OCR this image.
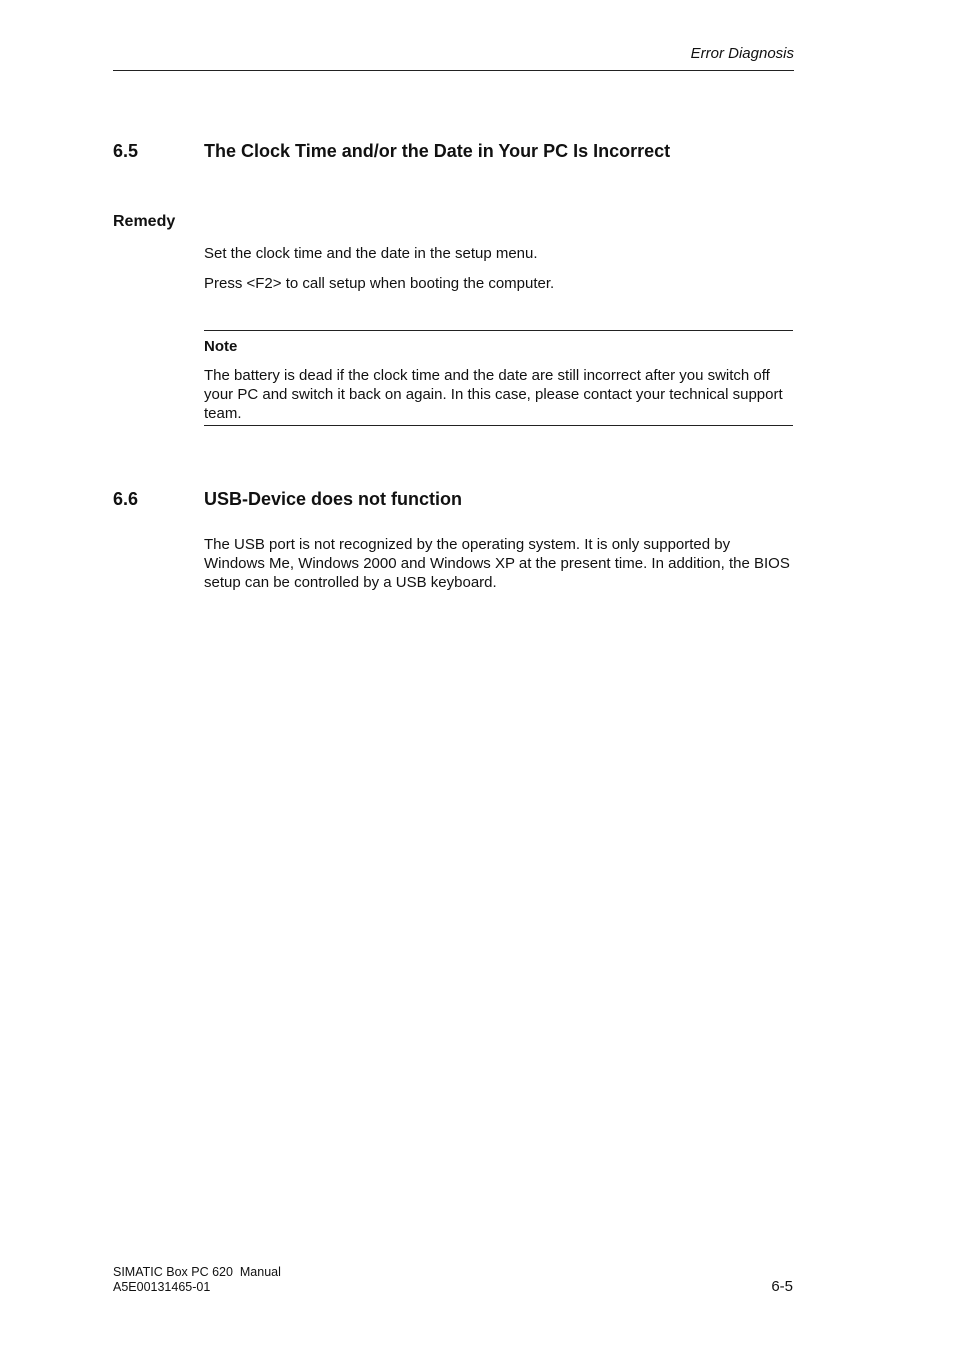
Error Diagnosis
6.5	The Clock Time and/or the Date in Your PC Is Incorrect
Remedy
Set the clock time and the date in the setup menu.
Press <F2> to call setup when booting the computer.
Note
The battery is dead if the clock time and the date are still incorrect after you switch off your PC and switch it back on again. In this case, please contact your technical support team.
6.6	USB-Device does not function
The USB port is not recognized by the operating system. It is only supported by Windows Me, Windows 2000 and Windows XP at the present time. In addition, the BIOS setup can be controlled by a USB keyboard.
SIMATIC Box PC 620  Manual
A5E00131465-01	6-5
